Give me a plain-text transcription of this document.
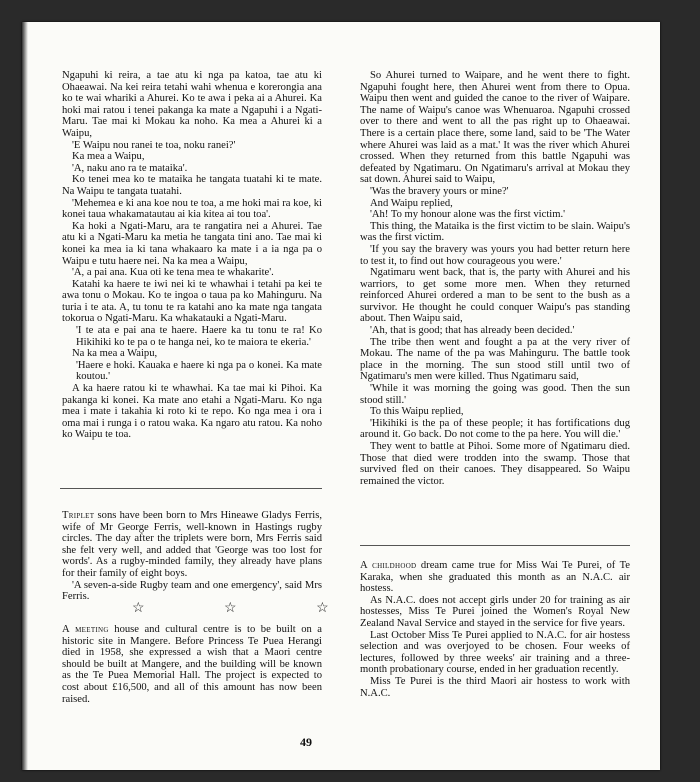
Ngapuhi ki reira, a tae atu ki nga pa katoa, tae atu ki Ohaeawai. Na kei reira tetahi wahi whenua e korerongia ana ko te wai whariki a Ahurei. Ko te awa i peka ai a Ahurei. Ka hoki mai ratou i tenei pakanga ka mate a Ngapuhi i a Ngati-Maru. Tae mai ki Mokau ka noho. Ka mea a Ahurei ki a Waipu,

'E Waipu nou ranei te toa, noku ranei?'

Ka mea a Waipu,

'A, naku ano ra te mataika'.

Ko tenei mea ko te mataika he tangata tuatahi ki te mate. Na Waipu te tangata tuatahi.

'Mehemea e ki ana koe nou te toa, a me hoki mai ra koe, ki konei taua whakamatautau ai kia kitea ai tou toa'.

Ka hoki a Ngati-Maru, ara te rangatira nei a Ahurei. Tae atu ki a Ngati-Maru ka metia he tangata tini ano. Tae mai ki konei ka mea ia ki tana whakaaro ka mate i a ia nga pa o Waipu e tutu haere nei. Na ka mea a Waipu,

'A, a pai ana. Kua oti ke tena mea te whakarite'.

Katahi ka haere te iwi nei ki te whawhai i tetahi pa kei te awa tonu o Mokau. Ko te ingoa o taua pa ko Mahinguru. Na turia i te ata. A, tu tonu te ra katahi ano ka mate nga tangata tokorua o Ngati-Maru. Ka whakatauki a Ngati-Maru.

'I te ata e pai ana te haere. Haere ka tu tonu te ra! Ko Hikihiki ko te pa o te hanga nei, ko te maiora te ekeria.'

Na ka mea a Waipu,

'Haere e hoki. Kauaka e haere ki nga pa o konei. Ka mate koutou.'

A ka haere ratou ki te whawhai. Ka tae mai ki Pihoi. Ka pakanga ki konei. Ka mate ano etahi a Ngati-Maru. Ko nga mea i mate i takahia ki roto ki te repo. Ko nga mea i ora i oma mai i runga i o ratou waka. Ka ngaro atu ratou. Ka noho ko Waipu te toa.

So Ahurei turned to Waipare, and he went there to fight. Ngapuhi fought here, then Ahurei went from there to Opua. Waipu then went and guided the canoe to the river of Waipare. The name of Waipu's canoe was Whenuaroa. Ngapuhi crossed over to there and went to all the pas right up to Ohaeawai. There is a certain place there, some land, said to be 'The Water where Ahurei was laid as a mat.' It was the river which Ahurei crossed. When they returned from this battle Ngapuhi was defeated by Ngatimaru. On Ngatimaru's arrival at Mokau they sat down. Ahurei said to Waipu,

'Was the bravery yours or mine?'

And Waipu replied,

'Ah! To my honour alone was the first victim.'

This thing, the Mataika is the first victim to be slain. Waipu's was the first victim.

'If you say the bravery was yours you had better return here to test it, to find out how courageous you were.'

Ngatimaru went back, that is, the party with Ahurei and his warriors, to get some more men. When they returned reinforced Ahurei ordered a man to be sent to the bush as a survivor. He thought he could conquer Waipu's pas standing about. Then Waipu said,

'Ah, that is good; that has already been decided.'

The tribe then went and fought a pa at the very river of Mokau. The name of the pa was Mahinguru. The battle took place in the morning. The sun stood still until two of Ngatimaru's men were killed. Thus Ngatimaru said,

'While it was morning the going was good. Then the sun stood still.'

To this Waipu replied,

'Hikihiki is the pa of these people; it has fortifications dug around it. Go back. Do not come to the pa here. You will die.'

They went to battle at Pihoi. Some more of Ngatimaru died. Those that died were trodden into the swamp. Those that survived fled on their canoes. They disappeared. So Waipu remained the victor.

Triplet sons have been born to Mrs Hineawe Gladys Ferris, wife of Mr George Ferris, well-known in Hastings rugby circles. The day after the triplets were born, Mrs Ferris said she felt very well, and added that 'George was too lost for words'. As a rugby-minded family, they already have plans for their family of eight boys.

'A seven-a-side Rugby team and one emergency', said Mrs Ferris.

☆ ☆ ☆

A meeting house and cultural centre is to be built on a historic site in Mangere. Before Princess Te Puea Herangi died in 1958, she expressed a wish that a Maori centre should be built at Mangere, and the building will be known as the Te Puea Memorial Hall. The project is expected to cost about £16,500, and all of this amount has now been raised.

A childhood dream came true for Miss Wai Te Purei, of Te Karaka, when she graduated this month as an N.A.C. air hostess.

As N.A.C. does not accept girls under 20 for training as air hostesses, Miss Te Purei joined the Women's Royal New Zealand Naval Service and stayed in the service for five years.

Last October Miss Te Purei applied to N.A.C. for air hostess selection and was overjoyed to be chosen. Four weeks of lectures, followed by three weeks' air training and a three-month probationary course, ended in her graduation recently.

Miss Te Purei is the third Maori air hostess to work with N.A.C.

49
